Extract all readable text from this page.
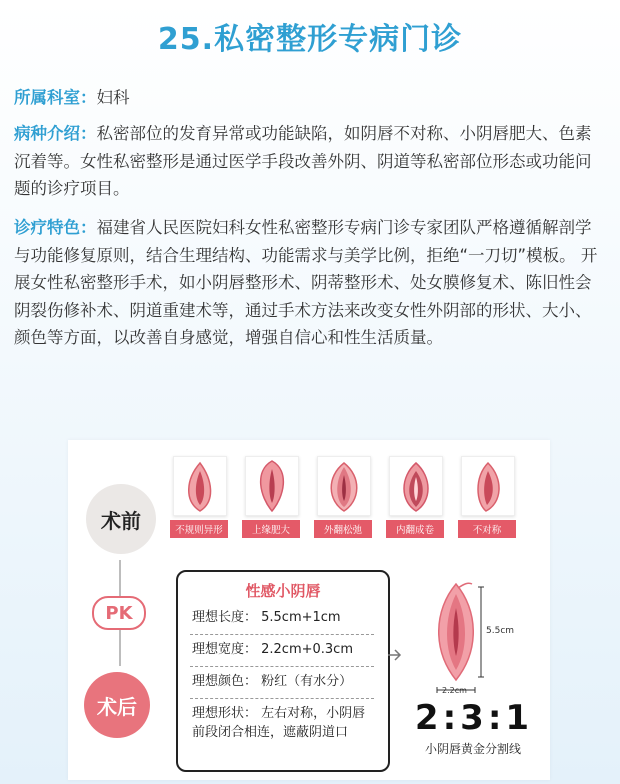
25.私密整形专病门诊
所属科室：妇科
病种介绍：私密部位的发育异常或功能缺陷，如阴唇不对称、小阴唇肥大、色素沉着等。女性私密整形是通过医学手段改善外阴、阴道等私密部位形态或功能问题的诊疗项目。
诊疗特色：福建省人民医院妇科女性私密整形专病门诊专家团队严格遵循解剖学与功能修复原则，结合生理结构、功能需求与美学比例，拒绝“一刀切”模板。 开展女性私密整形手术，如小阴唇整形术、阴蒂整形术、处女膜修复术、陈旧性会阴裂伤修补术、阴道重建术等，通过手术方法来改变女性外阴部的形状、大小、颜色等方面，以改善自身感觉，增强自信心和性生活质量。
术前
PK
术后
不规则异形	上缘肥大	外翻松弛	内翻成卷	不对称
性感小阴唇
理想长度： 5.5cm+1cm
理想宽度： 2.2cm+0.3cm
理想颜色： 粉红（有水分）
理想形状： 左右对称，小阴唇前段闭合相连，遮蔽阴道口
5.5cm
2.2cm
2:3:1
小阴唇黄金分割线
